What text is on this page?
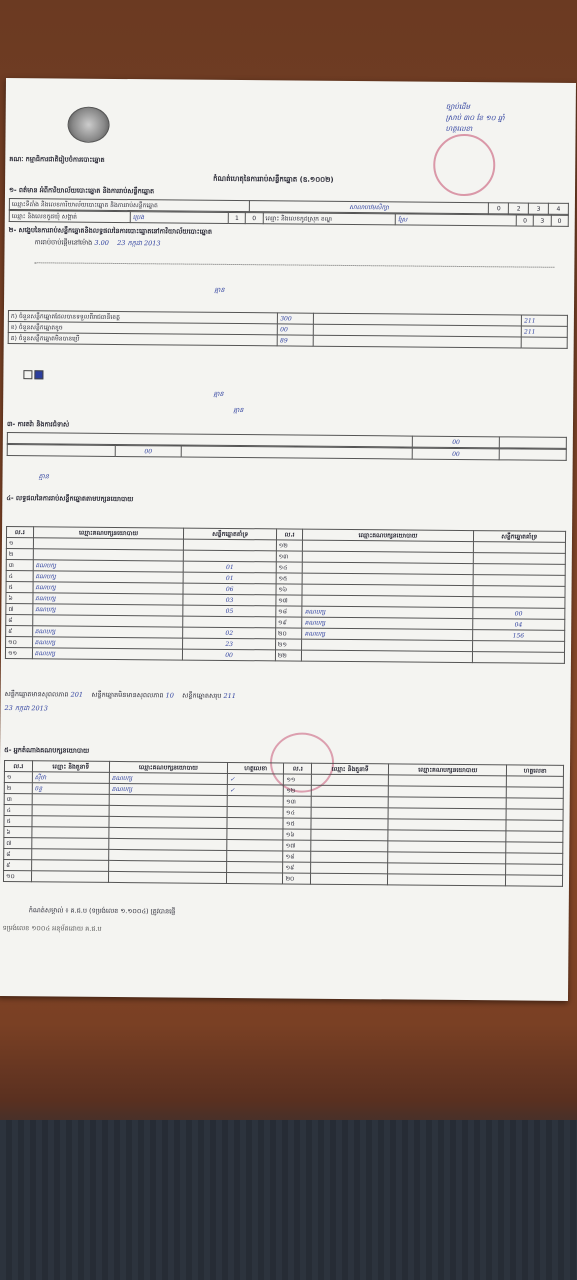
គណៈ កម្មាធិការជាតិរៀបចំការបោះឆ្នោត
កំណត់ហេតុនៃការរាប់សន្លឹកឆ្នោត (ឧ.១០០២)
ច្បាប់ដើម
ស្រាប់ ៣០ ខែ ១០ ឆ្នាំ
ហត្ថលេខា
១- ពត៌មាន អំពីការិយាល័យបោះឆ្នោត និងការរាប់សន្លឹកឆ្នោត
ឈ្មោះទីតាំង និងលេខការិយាល័យបោះឆ្នោត និងការរាប់សន្លឹកឆ្នោត	សាលាបឋមសិក្សា	0	2	3	4
ឈ្មោះ និងលេខកូដឃុំ សង្កាត់	ប្រេង	1	0	ឈ្មោះ និងលេខកូដស្រុក ខណ្ឌ	ស្រែ	0	3	0
២- សង្ខេបនៃការរាប់សន្លឹកឆ្នោតនិងលទ្ធផលនៃការបោះឆ្នោតនៅការិយាល័យបោះឆ្នោត
ការរាប់ចាប់ផ្តើមនៅម៉ោង 3.00 23 កក្កដា 2013
គ្មាន
ក) ចំនួនសន្លឹកឆ្នោតដែលបានទទួលពីរាជធានីខេត្ត	300		211
ខ) ចំនួនសន្លឹកឆ្នោតខូច	00		211
គ) ចំនួនសន្លឹកឆ្នោតមិនបានប្រើ	89		

គ្មាន
គ្មាន
៣- ការតវ៉ា និងការជំទាស់
	00	
	00		00	
គ្មាន
៤- លទ្ធផលនៃការរាប់សន្លឹកឆ្នោតតាមបក្សនយោបាយ
ល.រ	ឈ្មោះគណបក្សនយោបាយ	សន្លឹកឆ្នោតគាំទ្រ	ល.រ	ឈ្មោះគណបក្សនយោបាយ	សន្លឹកឆ្នោតគាំទ្រ
១			១២		
២			១៣		
៣	គណបក្ស	01	១៤		
៤	គណបក្ស	01	១៥		
៥	គណបក្ស	06	១៦		
៦	គណបក្ស	03	១៧		
៧	គណបក្ស	05	១៨	គណបក្ស	00
៨			១៩	គណបក្ស	04
៩	គណបក្ស	02	២០	គណបក្ស	156
១០	គណបក្ស	23	២១		
១១	គណបក្ស	00	២២		
សន្លឹកឆ្នោតមានសុពលភាព 201 សន្លឹកឆ្នោតមិនមានសុពលភាព 10 សន្លឹកឆ្នោតសរុប 211
23 កក្កដា 2013
៥- អ្នកតំណាងគណបក្សនយោបាយ
ល.រ	ឈ្មោះ និងតួនាទី	ឈ្មោះគណបក្សនយោបាយ	ហត្ថលេខា	ល.រ	ឈ្មោះ និងតួនាទី	ឈ្មោះគណបក្សនយោបាយ	ហត្ថលេខា
១	ស៊ីថា	គណបក្ស	✓	១១			
២	ចន្ទ	គណបក្ស	✓	១២			
៣				១៣			
៤				១៤			
៥				១៥			
៦				១៦			
៧				១៧			
៨				១៨			
៩				១៩			
១០				២០			
កំណត់សម្គាល់ ៖ គ.ជ.ប (ទម្រង់លេខ ១.១០០៤) ត្រូវបានផ្ញើ
ទម្រង់លេខ ១០០៤ អនុម័តដោយ គ.ជ.ប
